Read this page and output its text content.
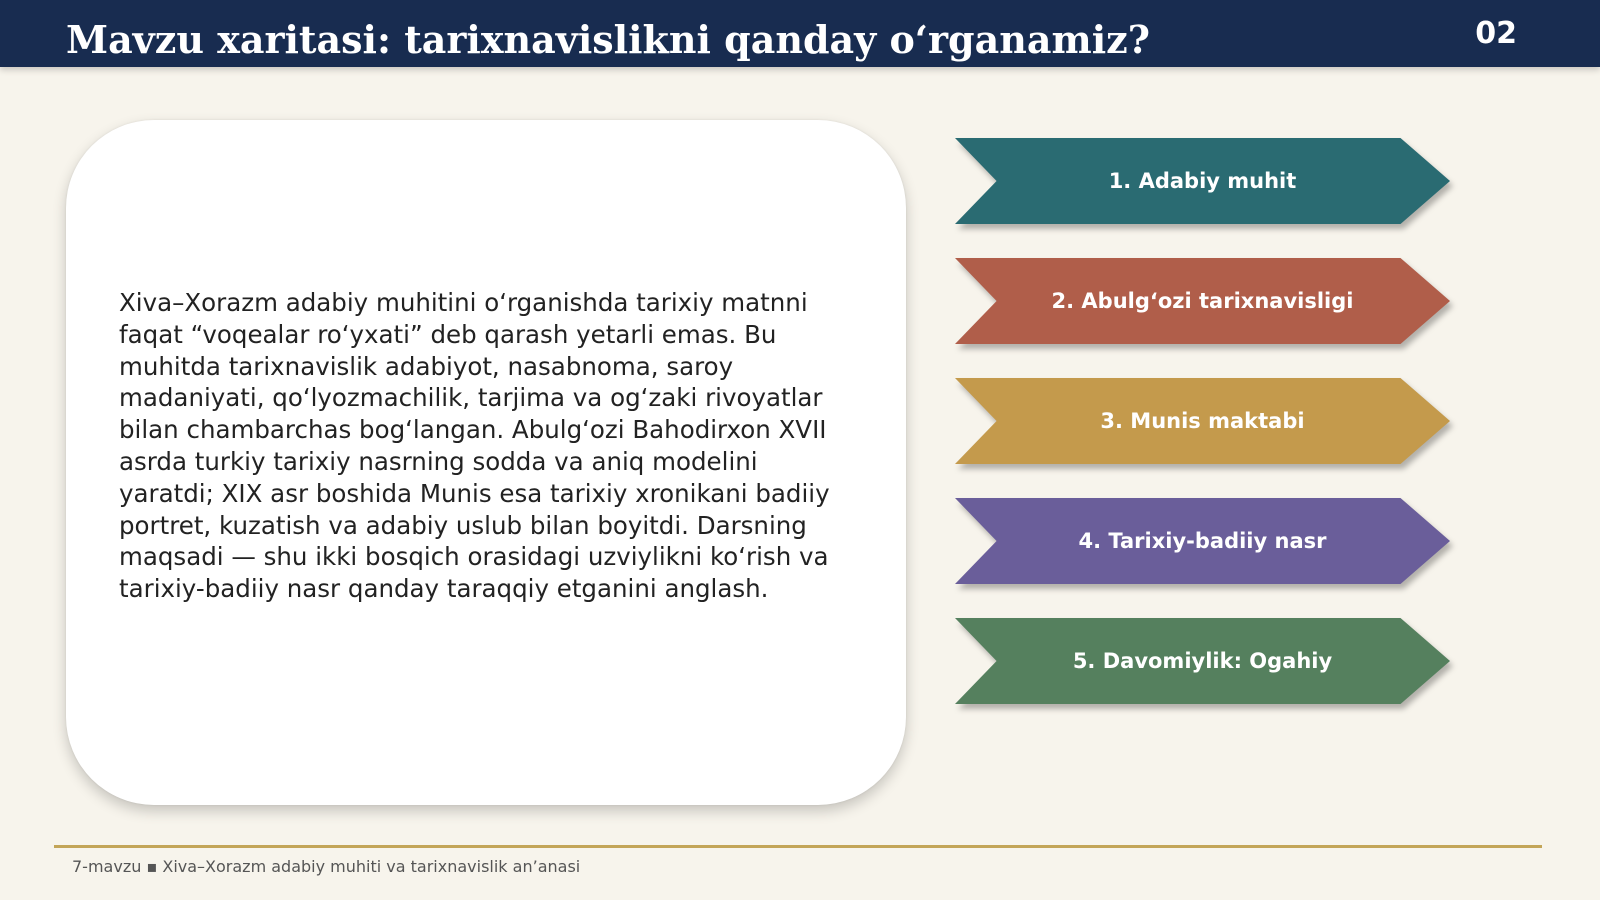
Mavzu xaritasi: tarixnavislikni qanday o‘rganamiz?	02

Xiva–Xorazm adabiy muhitini o‘rganishda tarixiy matnni faqat “voqealar ro‘yxati” deb qarash yetarli emas. Bu muhitda tarixnavislik adabiyot, nasabnoma, saroy madaniyati, qo‘lyozmachilik, tarjima va og‘zaki rivoyatlar bilan chambarchas bog‘langan. Abulg‘ozi Bahodirxon XVII asrda turkiy tarixiy nasrning sodda va aniq modelini yaratdi; XIX asr boshida Munis esa tarixiy xronikani badiiy portret, kuzatish va adabiy uslub bilan boyitdi. Darsning maqsadi — shu ikki bosqich orasidagi uzviylikni ko‘rish va tarixiy-badiiy nasr qanday taraqqiy etganini anglash.

1. Adabiy muhit
2. Abulg‘ozi tarixnavisligi
3. Munis maktabi
4. Tarixiy-badiiy nasr
5. Davomiylik: Ogahiy
7-mavzu ▪ Xiva–Xorazm adabiy muhiti va tarixnavislik an’anasi
